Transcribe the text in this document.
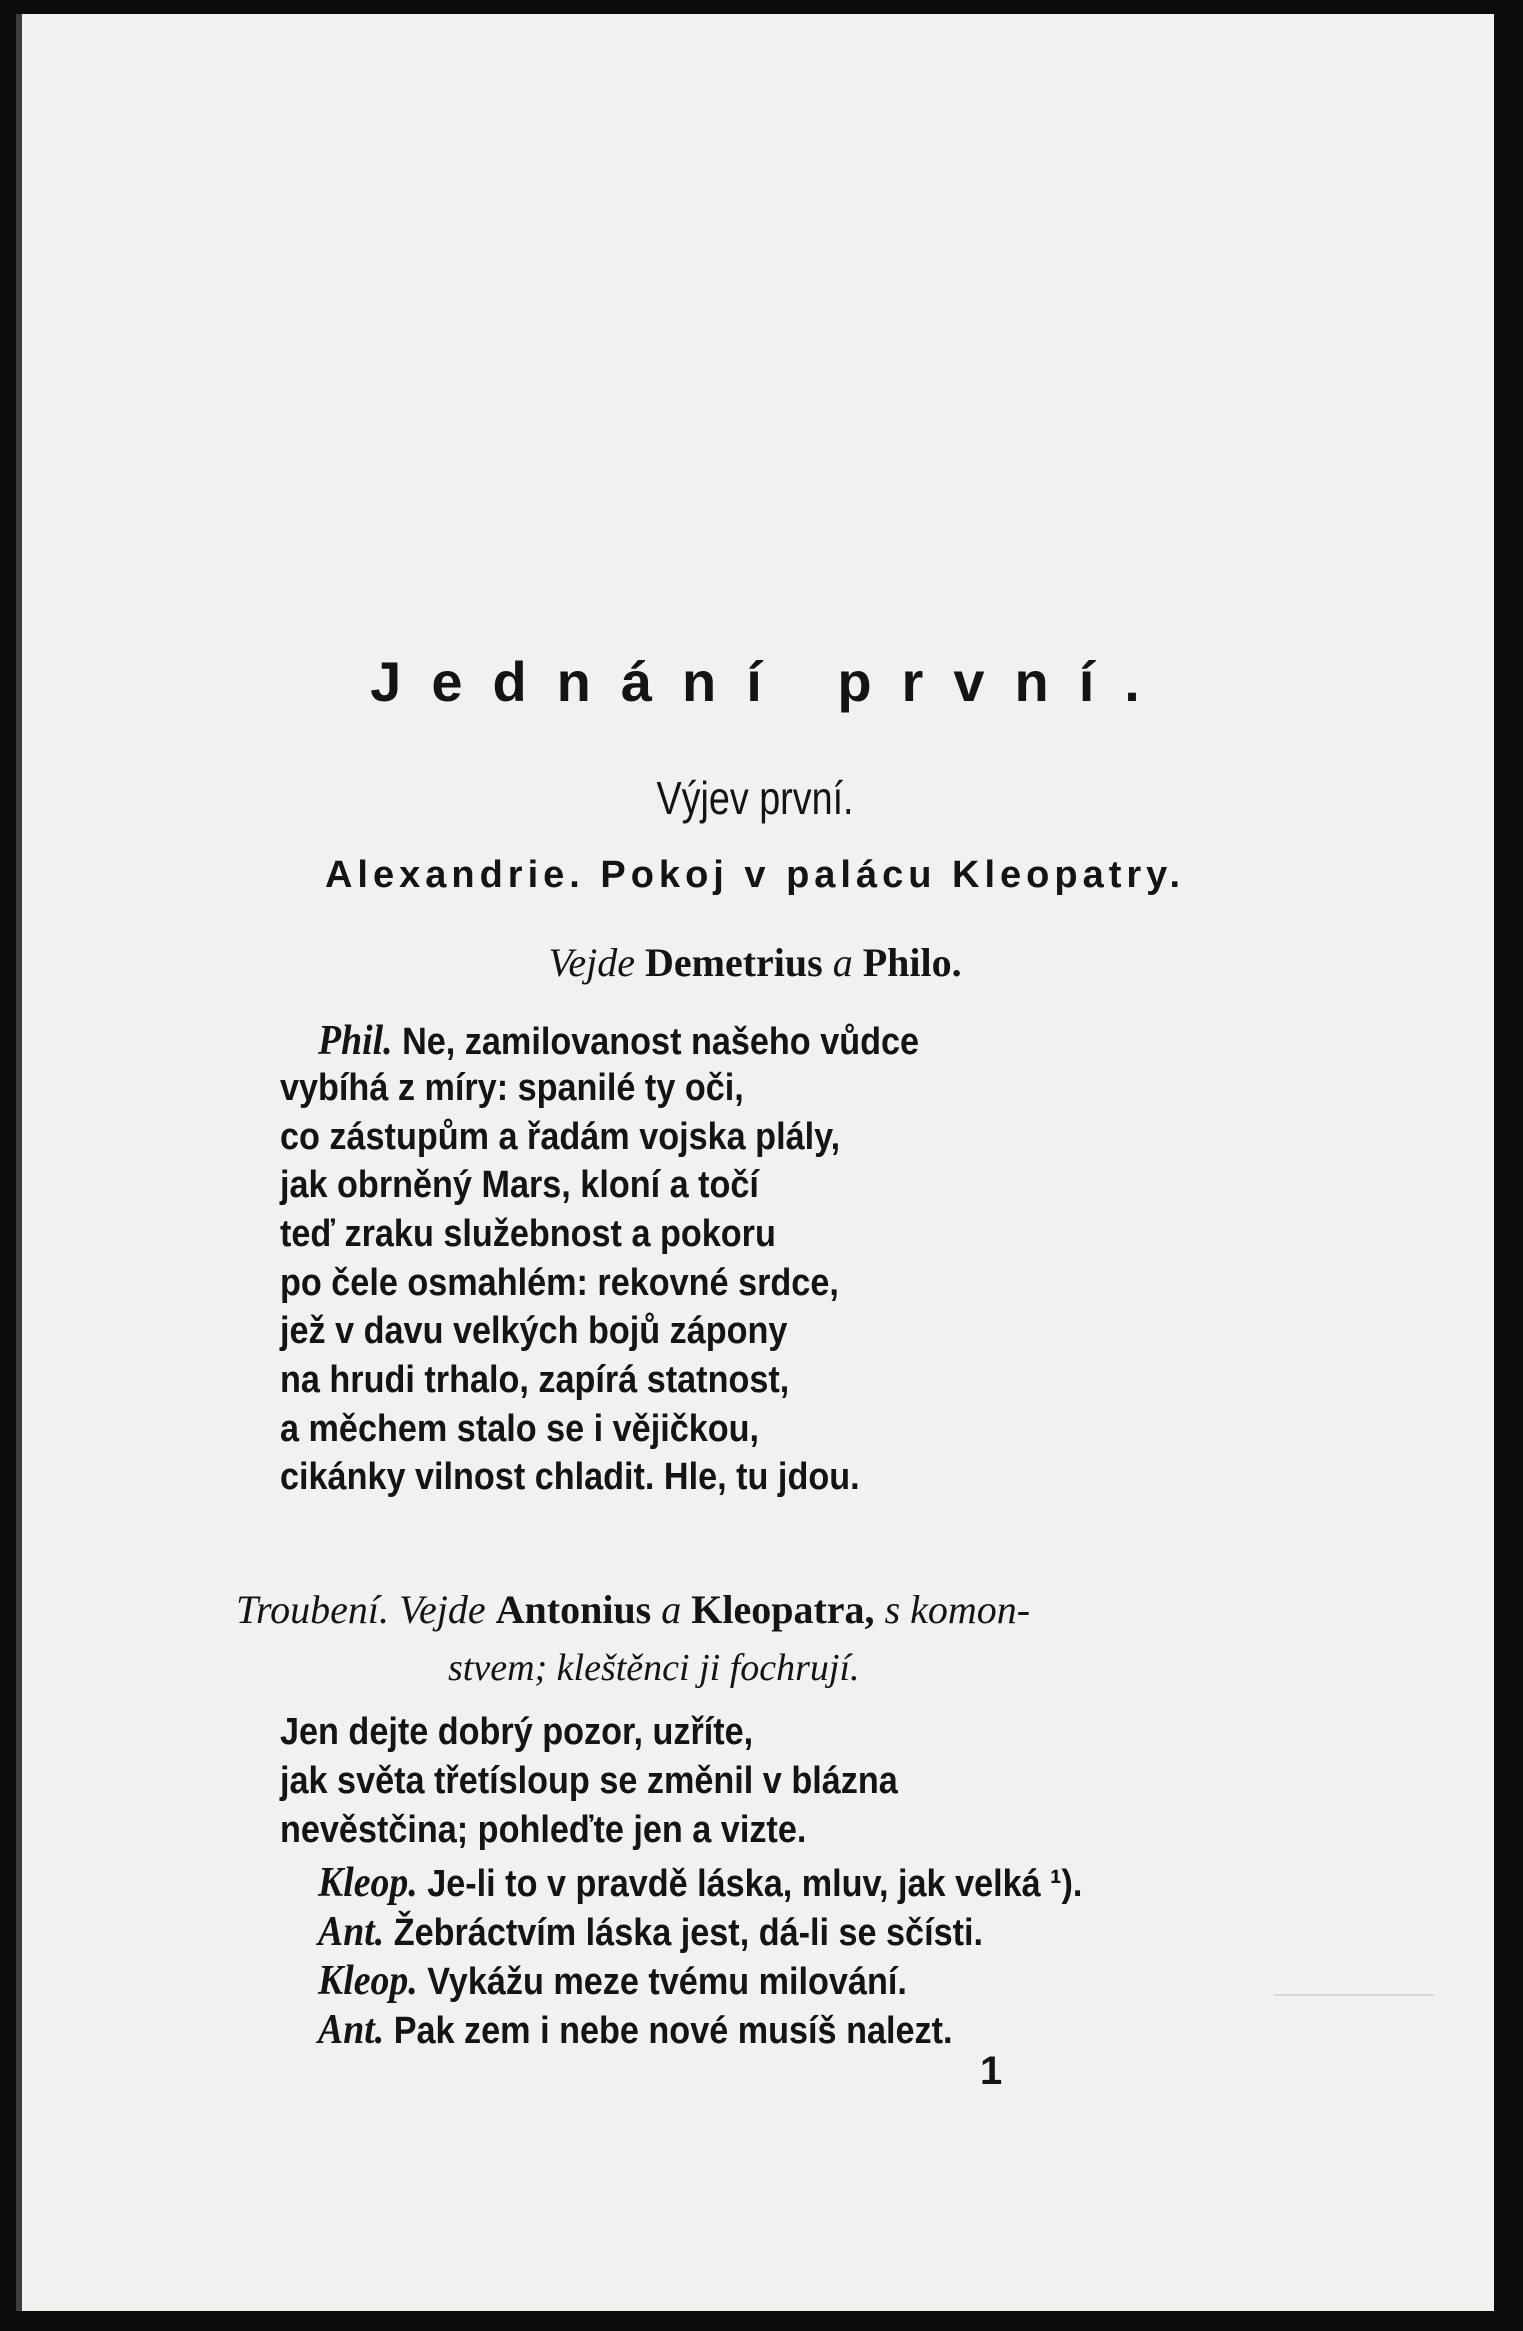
Jednání první.
Výjev první.
Alexandrie. Pokoj v palácu Kleopatry.
Vejde Demetrius a Philo.
Phil. Ne, zamilovanost našeho vůdce
vybíhá z míry: spanilé ty oči,
co zástupům a řadám vojska plály,
jak obrněný Mars, kloní a točí
teď zraku služebnost a pokoru
po čele osmahlém: rekovné srdce,
jež v davu velkých bojů zápony
na hrudi trhalo, zapírá statnost,
a měchem stalo se i vějičkou,
cikánky vilnost chladit. Hle, tu jdou.
Troubení. Vejde Antonius a Kleopatra, s komon-
stvem; kleštěnci ji fochrují.
Jen dejte dobrý pozor, uzříte,
jak světa třetísloup se změnil v blázna
nevěstčina; pohleďte jen a vizte.
Kleop. Je-li to v pravdě láska, mluv, jak velká ¹).
Ant. Žebráctvím láska jest, dá-li se sčísti.
Kleop. Vykážu meze tvému milování.
Ant. Pak zem i nebe nové musíš nalezt.
1
